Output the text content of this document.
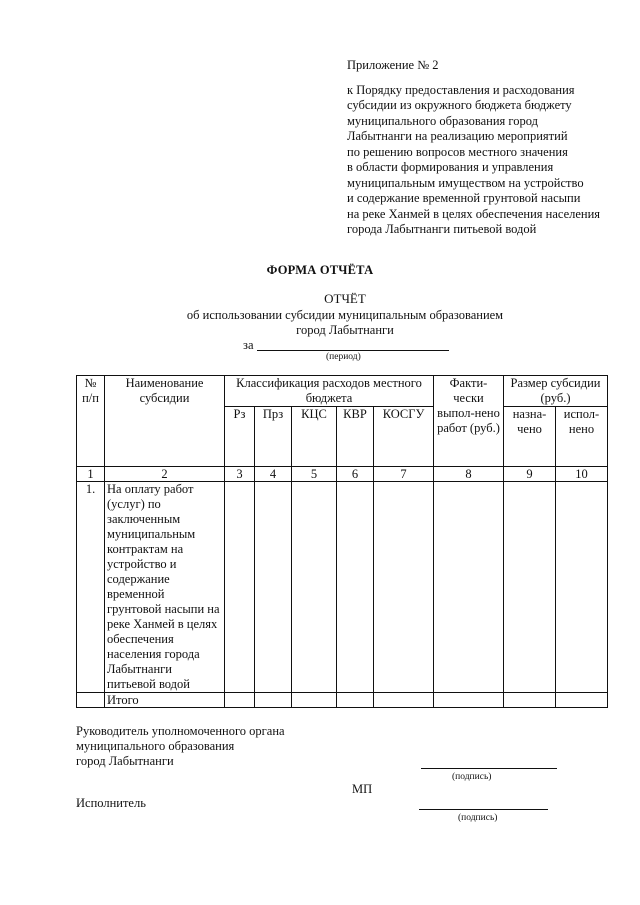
Приложение № 2
к Порядку предоставления и расходования
субсидии из окружного бюджета бюджету
муниципального образования город
Лабытнанги на реализацию мероприятий
по решению вопросов местного значения
в области формирования и управления
муниципальным имуществом на устройство
и содержание временной грунтовой насыпи
на реке Ханмей в целях обеспечения населения
города Лабытнанги питьевой водой
ФОРМА ОТЧЁТА
ОТЧЁТ
об использовании субсидии муниципальным образованием
город Лабытнанги
за
(период)
№ п/п	Наименование субсидии	Классификация расходов местного бюджета					Факти-чески выпол-нено работ (руб.)	Размер субсидии (руб.)	
		Рз	Прз	КЦС	КВР	КОСГУ		назна-чено	испол-нено
1	2	3	4	5	6	7	8	9	10
1.	На оплату работ (услуг) по заключенным муниципальным контрактам на устройство и содержание временной грунтовой насыпи на реке Ханмей в целях обеспечения населения города Лабытнанги питьевой водой								
	Итого								
Руководитель уполномоченного органа
муниципального образования
город Лабытнанги
(подпись)
МП
Исполнитель
(подпись)
